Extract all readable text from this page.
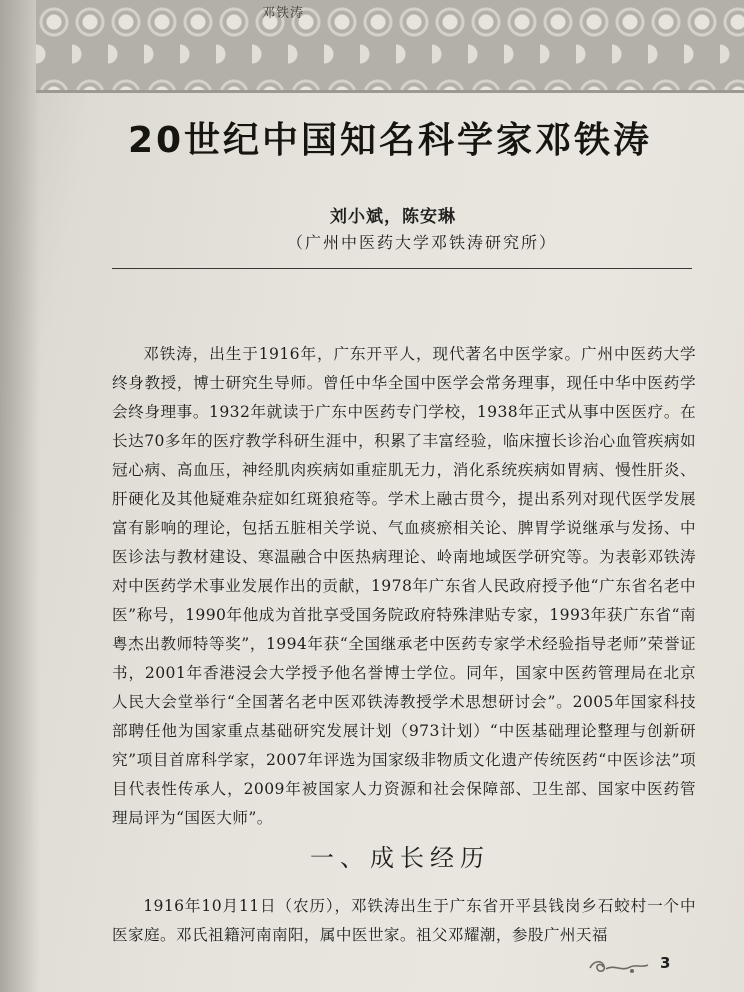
邓铁涛
20世纪中国知名科学家邓铁涛
刘小斌，陈安琳
（广州中医药大学邓铁涛研究所）

邓铁涛，出生于1916年，广东开平人，现代著名中医学家。广州中医药大学终身教授，博士研究生导师。曾任中华全国中医学会常务理事，现任中华中医药学会终身理事。1932年就读于广东中医药专门学校，1938年正式从事中医医疗。在长达70多年的医疗教学科研生涯中，积累了丰富经验，临床擅长诊治心血管疾病如冠心病、高血压，神经肌肉疾病如重症肌无力，消化系统疾病如胃病、慢性肝炎、肝硬化及其他疑难杂症如红斑狼疮等。学术上融古贯今，提出系列对现代医学发展富有影响的理论，包括五脏相关学说、气血痰瘀相关论、脾胃学说继承与发扬、中医诊法与教材建设、寒温融合中医热病理论、岭南地域医学研究等。为表彰邓铁涛对中医药学术事业发展作出的贡献，1978年广东省人民政府授予他“广东省名老中医”称号，1990年他成为首批享受国务院政府特殊津贴专家，1993年获广东省“南粤杰出教师特等奖”，1994年获“全国继承老中医药专家学术经验指导老师”荣誉证书，2001年香港浸会大学授予他名誉博士学位。同年，国家中医药管理局在北京人民大会堂举行“全国著名老中医邓铁涛教授学术思想研讨会”。2005年国家科技部聘任他为国家重点基础研究发展计划（973计划）“中医基础理论整理与创新研究”项目首席科学家，2007年评选为国家级非物质文化遗产传统医药“中医诊法”项目代表性传承人，2009年被国家人力资源和社会保障部、卫生部、国家中医药管理局评为“国医大师”。

一、成长经历

1916年10月11日（农历），邓铁涛出生于广东省开平县钱岗乡石蛟村一个中医家庭。邓氏祖籍河南南阳，属中医世家。祖父邓耀潮，参股广州天福

3
